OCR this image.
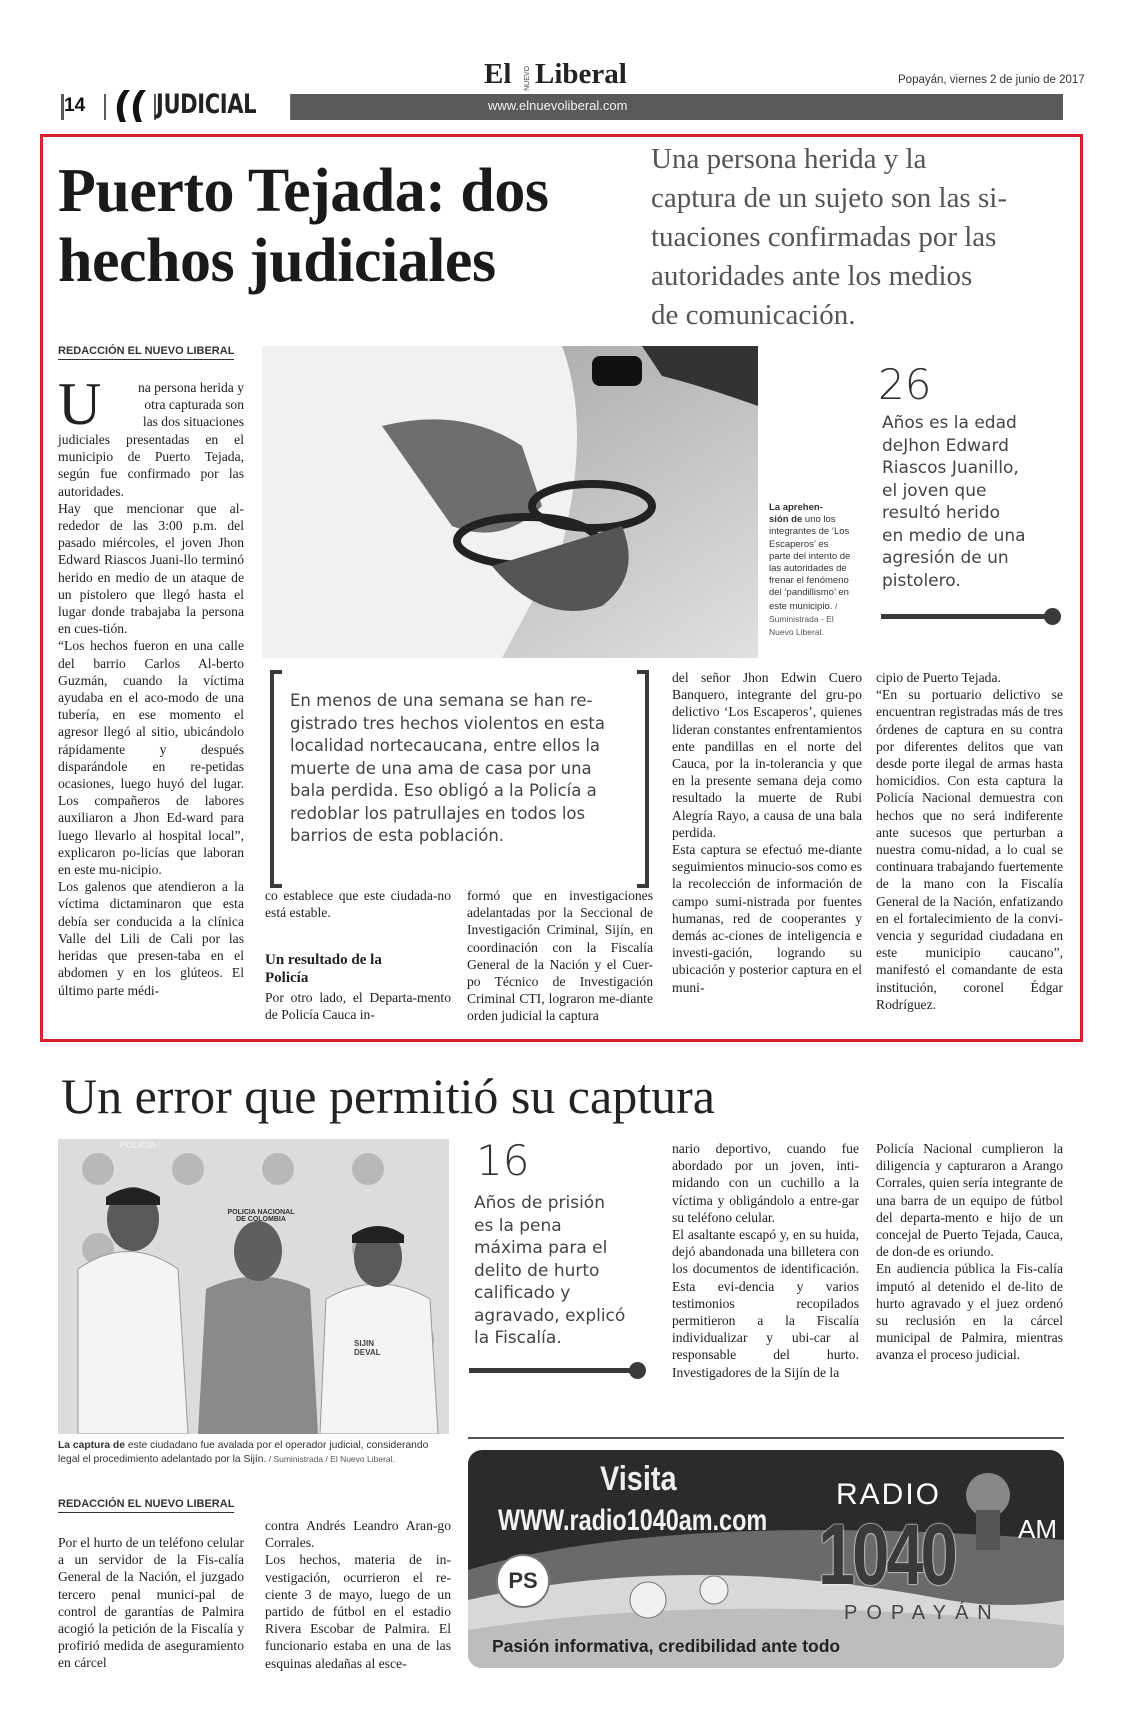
14	JUDICIAL
El NUEVO Liberal
www.elnuevoliberal.com
Popayán, viernes 2 de junio de 2017
Puerto Tejada: dos
hechos judiciales
Una persona herida y la
captura de un sujeto son las si-
tuaciones confirmadas por las
autoridades ante los medios
de comunicación.
REDACCIÓN EL NUEVO LIBERAL
U	na persona herida y
otra capturada son
las dos situaciones
judiciales presentadas en el municipio de Puerto Tejada, según fue confirmado por las autoridades.
Hay que mencionar que al-rededor de las 3:00 p.m. del pasado miércoles, el joven Jhon Edward Riascos Juani-llo terminó herido en medio de un ataque de un pistolero que llegó hasta el lugar donde trabajaba la persona en cues-tión.
“Los hechos fueron en una calle del barrio Carlos Al-berto Guzmán, cuando la víctima ayudaba en el aco-modo de una tubería, en ese momento el agresor llegó al sitio, ubicándolo rápidamente y después disparándole en re-petidas ocasiones, luego huyó del lugar. Los compañeros de labores auxiliaron a Jhon Ed-ward para luego llevarlo al hospital local”, explicaron po-licías que laboran en este mu-nicipio.
Los galenos que atendieron a la víctima dictaminaron que esta debía ser conducida a la clínica Valle del Lili de Cali por las heridas que presen-taba en el abdomen y en los glúteos. El último parte médi-
La aprehen-
sión de uno los integrantes de ‘Los Escaperos’ es parte del intento de las autoridades de frenar el fenómeno del ‘pandillismo’ en este municipio. / Suministrada - El Nuevo Liberal.
26
Años es la edad
deJhon Edward
Riascos Juanillo,
el joven que
resultó herido
en medio de una
agresión de un
pistolero.
En menos de una semana se han re-
gistrado tres hechos violentos en esta
localidad nortecaucana, entre ellos la
muerte de una ama de casa por una
bala perdida. Eso obligó a la Policía a
redoblar los patrullajes en todos los
barrios de esta población.
co establece que este ciudada-no está estable.
Un resultado de la
Policía
Por otro lado, el Departa-mento de Policía Cauca in-
formó que en investigaciones adelantadas por la Seccional de Investigación Criminal, Sijín, en coordinación con la Fiscalía General de la Nación y el Cuer-po Técnico de Investigación Criminal CTI, lograron me-diante orden judicial la captura
del señor Jhon Edwin Cuero Banquero, integrante del gru-po delictivo ‘Los Escaperos’, quienes lideran constantes enfrentamientos ente pandillas en el norte del Cauca, por la in-tolerancia y que en la presente semana deja como resultado la muerte de Rubi Alegría Rayo, a causa de una bala perdida.
Esta captura se efectuó me-diante seguimientos minucio-sos como es la recolección de información de campo sumi-nistrada por fuentes humanas, red de cooperantes y demás ac-ciones de inteligencia e investi-gación, logrando su ubicación y posterior captura en el muni-
cipio de Puerto Tejada.
“En su portuario delictivo se encuentran registradas más de tres órdenes de captura en su contra por diferentes delitos que van desde porte ilegal de armas hasta homicidios. Con esta captura la Policía Nacional demuestra con hechos que no será indiferente ante sucesos que perturban a nuestra comu-nidad, a lo cual se continuara trabajando fuertemente de la mano con la Fiscalía General de la Nación, enfatizando en el fortalecimiento de la convi-vencia y seguridad ciudadana en este municipio caucano”, manifestó el comandante de esta institución, coronel Édgar Rodríguez.
Un error que permitió su captura
POLICIA
POLICIA NACIONAL
DE COLOMBIA
SIJIN
DEVAL
La captura de este ciudadano fue avalada por el operador judicial, considerando legal el procedimiento adelantado por la Sijín. / Suministrada / El Nuevo Liberal.
REDACCIÓN EL NUEVO LIBERAL
Por el hurto de un teléfono celular a un servidor de la Fis-calía General de la Nación, el juzgado tercero penal munici-pal de control de garantías de Palmira acogió la petición de la Fiscalía y profirió medida de aseguramiento en cárcel
contra Andrés Leandro Aran-go Corrales.
Los hechos, materia de in-vestigación, ocurrieron el re-ciente 3 de mayo, luego de un partido de fútbol en el estadio Rivera Escobar de Palmira. El funcionario estaba en una de las esquinas aledañas al esce-
16
Años de prisión
es la pena
máxima para el
delito de hurto
calificado y
agravado, explicó
la Fiscalía.
nario deportivo, cuando fue abordado por un joven, inti-midando con un cuchillo a la víctima y obligándolo a entre-gar su teléfono celular.
El asaltante escapó y, en su huida, dejó abandonada una billetera con los documentos de identificación. Esta evi-dencia y varios testimonios recopilados permitieron a la Fiscalía individualizar y ubi-car al responsable del hurto. Investigadores de la Sijín de la
Policía Nacional cumplieron la diligencia y capturaron a Arango Corrales, quien sería integrante de una barra de un equipo de fútbol del departa-mento e hijo de un concejal de Puerto Tejada, Cauca, de don-de es oriundo.
En audiencia pública la Fis-calía imputó al detenido el de-lito de hurto agravado y el juez ordenó su reclusión en la cárcel municipal de Palmira, mientras avanza el proceso judicial.
Visita
WWW.radio1040am.com
RADIO
1040 AM
POPAYÁN
PS
Pasión informativa, credibilidad ante todo
